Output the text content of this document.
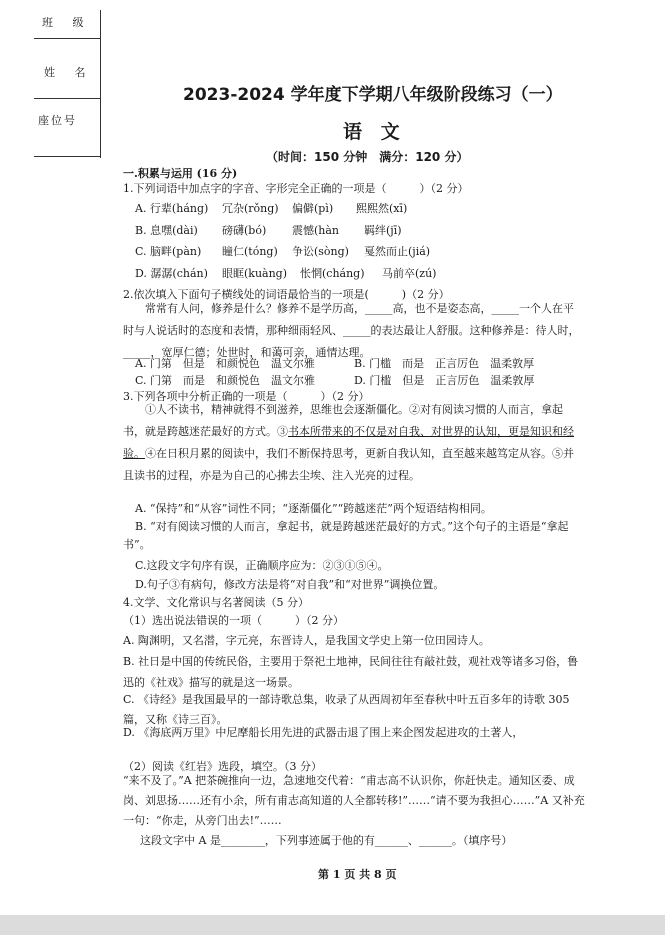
班 级
姓 名
座位号
2023-2024 学年度下学期八年级阶段练习（一）
语 文
（时间：150 分钟　满分：120 分）
一.积累与运用 (16 分)
1.下列词语中加点字的字音、字形完全正确的一项是（　　　）（2 分）
A. 行辈(háng) 冗杂(rǒng) 偏僻(pì) 熙熙然(xī)
B. 息嘿(dài) 磅礴(bó) 震憾(hàn 羁绊(jī)
C. 脑畔(pàn) 瞳仁(tóng) 争讼(sòng) 戛然而止(jiá)
D. 潺潺(chán) 眼眶(kuàng) 怅惘(cháng) 马前卒(zú)
2.依次填入下面句子横线处的词语最恰当的一项是(　　　)（2 分）
常常有人问，修养是什么？修养不是学历高，_____高，也不是姿态高，_____一个人在平时与人说话时的态度和表情，那种细雨轻风、_____的表达最让人舒服。这种修养是：待人时，_____，宽厚仁德；处世时，和蔼可亲，通情达理。
A. 门第　但是　和颜悦色　温文尔雅	B. 门槛　而是　正言厉色　温柔敦厚
C. 门第　而是　和颜悦色　温文尔雅	D. 门槛　但是　正言厉色　温柔敦厚
3.下列各项中分析正确的一项是（　　　）（2 分）
①人不读书，精神就得不到滋养，思维也会逐渐僵化。②对有阅读习惯的人而言，拿起书，就是跨越迷茫最好的方式。③书本所带来的不仅是对自我、对世界的认知，更是知识和经验。④在日积月累的阅读中，我们不断保持思考，更新自我认知，直至越来越笃定从容。⑤并且读书的过程，亦是为自己的心拂去尘埃、注入光亮的过程。
A. “保持”和“从容”词性不同；“逐渐僵化”“跨越迷茫”两个短语结构相同。
B. “对有阅读习惯的人而言，拿起书，就是跨越迷茫最好的方式。”这个句子的主语是“拿起书”。
C.这段文字句序有误，正确顺序应为：②③①⑤④。
D.句子③有病句，修改方法是将“对自我”和“对世界”调换位置。
4.文学、文化常识与名著阅读（5 分）
（1）选出说法错误的一项（　　　）（2 分）
A. 陶渊明，又名潜，字元亮，东晋诗人，是我国文学史上第一位田园诗人。
B. 社日是中国的传统民俗，主要用于祭祀土地神，民间往往有敲社鼓，观社戏等诸多习俗，鲁迅的《社戏》描写的就是这一场景。
C. 《诗经》是我国最早的一部诗歌总集，收录了从西周初年至春秋中叶五百多年的诗歌 305 篇，又称《诗三百》。
D. 《海底两万里》中尼摩船长用先进的武器击退了围上来企图发起进攻的土著人，
（2）阅读《红岩》选段，填空。（3 分）
“来不及了。”A 把茶碗推向一边，急速地交代着：“甫志高不认识你，你赶快走。通知区委、成岗、刘思扬……还有小余，所有甫志高知道的人全都转移!”……“请不要为我担心……”A 又补充一句：“你走，从旁门出去!”……
这段文字中 A 是________，下列事迹属于他的有______、______。（填序号）
第 1 页 共 8 页
